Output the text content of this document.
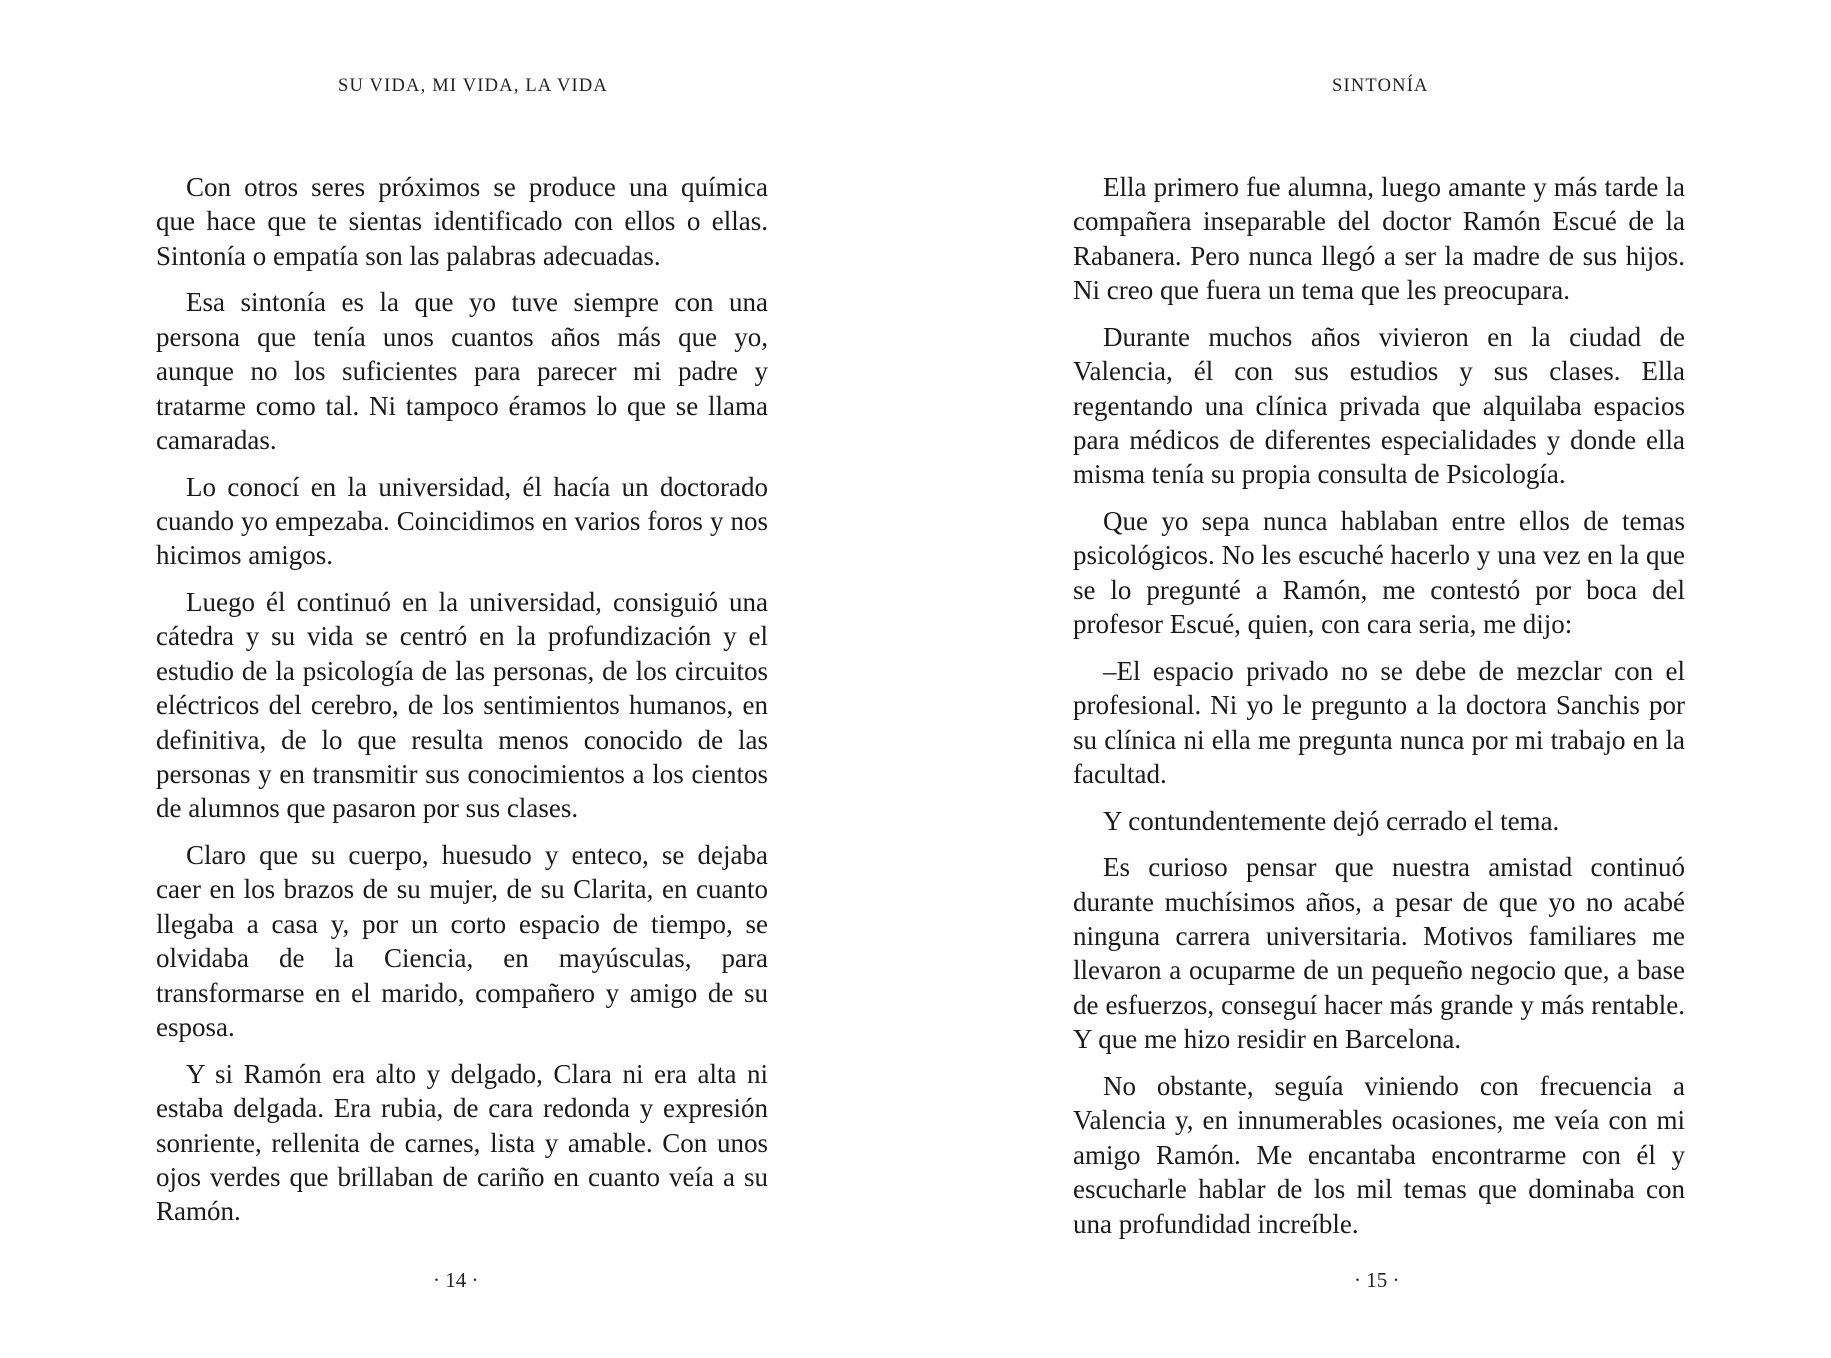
SU VIDA, MI VIDA, LA VIDA

Con otros seres próximos se produce una química que hace que te sientas identificado con ellos o ellas. Sintonía o empatía son las palabras adecuadas.

Esa sintonía es la que yo tuve siempre con una persona que tenía unos cuantos años más que yo, aunque no los suficientes para parecer mi padre y tratarme como tal. Ni tampoco éramos lo que se llama camaradas.

Lo conocí en la universidad, él hacía un doctorado cuando yo empezaba. Coincidimos en varios foros y nos hicimos amigos.

Luego él continuó en la universidad, consiguió una cátedra y su vida se centró en la profundización y el estudio de la psicología de las personas, de los circuitos eléctricos del cerebro, de los sentimientos humanos, en definitiva, de lo que resulta menos conocido de las personas y en transmitir sus conocimientos a los cientos de alumnos que pasaron por sus clases.

Claro que su cuerpo, huesudo y enteco, se dejaba caer en los brazos de su mujer, de su Clarita, en cuanto llegaba a casa y, por un corto espacio de tiempo, se olvidaba de la Ciencia, en mayúsculas, para transformarse en el marido, compañero y amigo de su esposa.

Y si Ramón era alto y delgado, Clara ni era alta ni estaba delgada. Era rubia, de cara redonda y expresión sonriente, rellenita de carnes, lista y amable. Con unos ojos verdes que brillaban de cariño en cuanto veía a su Ramón.

· 14 ·
SINTONÍA

Ella primero fue alumna, luego amante y más tarde la compañera inseparable del doctor Ramón Escué de la Rabanera. Pero nunca llegó a ser la madre de sus hijos. Ni creo que fuera un tema que les preocupara.

Durante muchos años vivieron en la ciudad de Valencia, él con sus estudios y sus clases. Ella regentando una clínica privada que alquilaba espacios para médicos de diferentes especialidades y donde ella misma tenía su propia consulta de Psicología.

Que yo sepa nunca hablaban entre ellos de temas psicológicos. No les escuché hacerlo y una vez en la que se lo pregunté a Ramón, me contestó por boca del profesor Escué, quien, con cara seria, me dijo:

–El espacio privado no se debe de mezclar con el profesional. Ni yo le pregunto a la doctora Sanchis por su clínica ni ella me pregunta nunca por mi trabajo en la facultad.

Y contundentemente dejó cerrado el tema.

Es curioso pensar que nuestra amistad continuó durante muchísimos años, a pesar de que yo no acabé ninguna carrera universitaria. Motivos familiares me llevaron a ocuparme de un pequeño negocio que, a base de esfuerzos, conseguí hacer más grande y más rentable. Y que me hizo residir en Barcelona.

No obstante, seguía viniendo con frecuencia a Valencia y, en innumerables ocasiones, me veía con mi amigo Ramón. Me encantaba encontrarme con él y escucharle hablar de los mil temas que dominaba con una profundidad increíble.

· 15 ·
